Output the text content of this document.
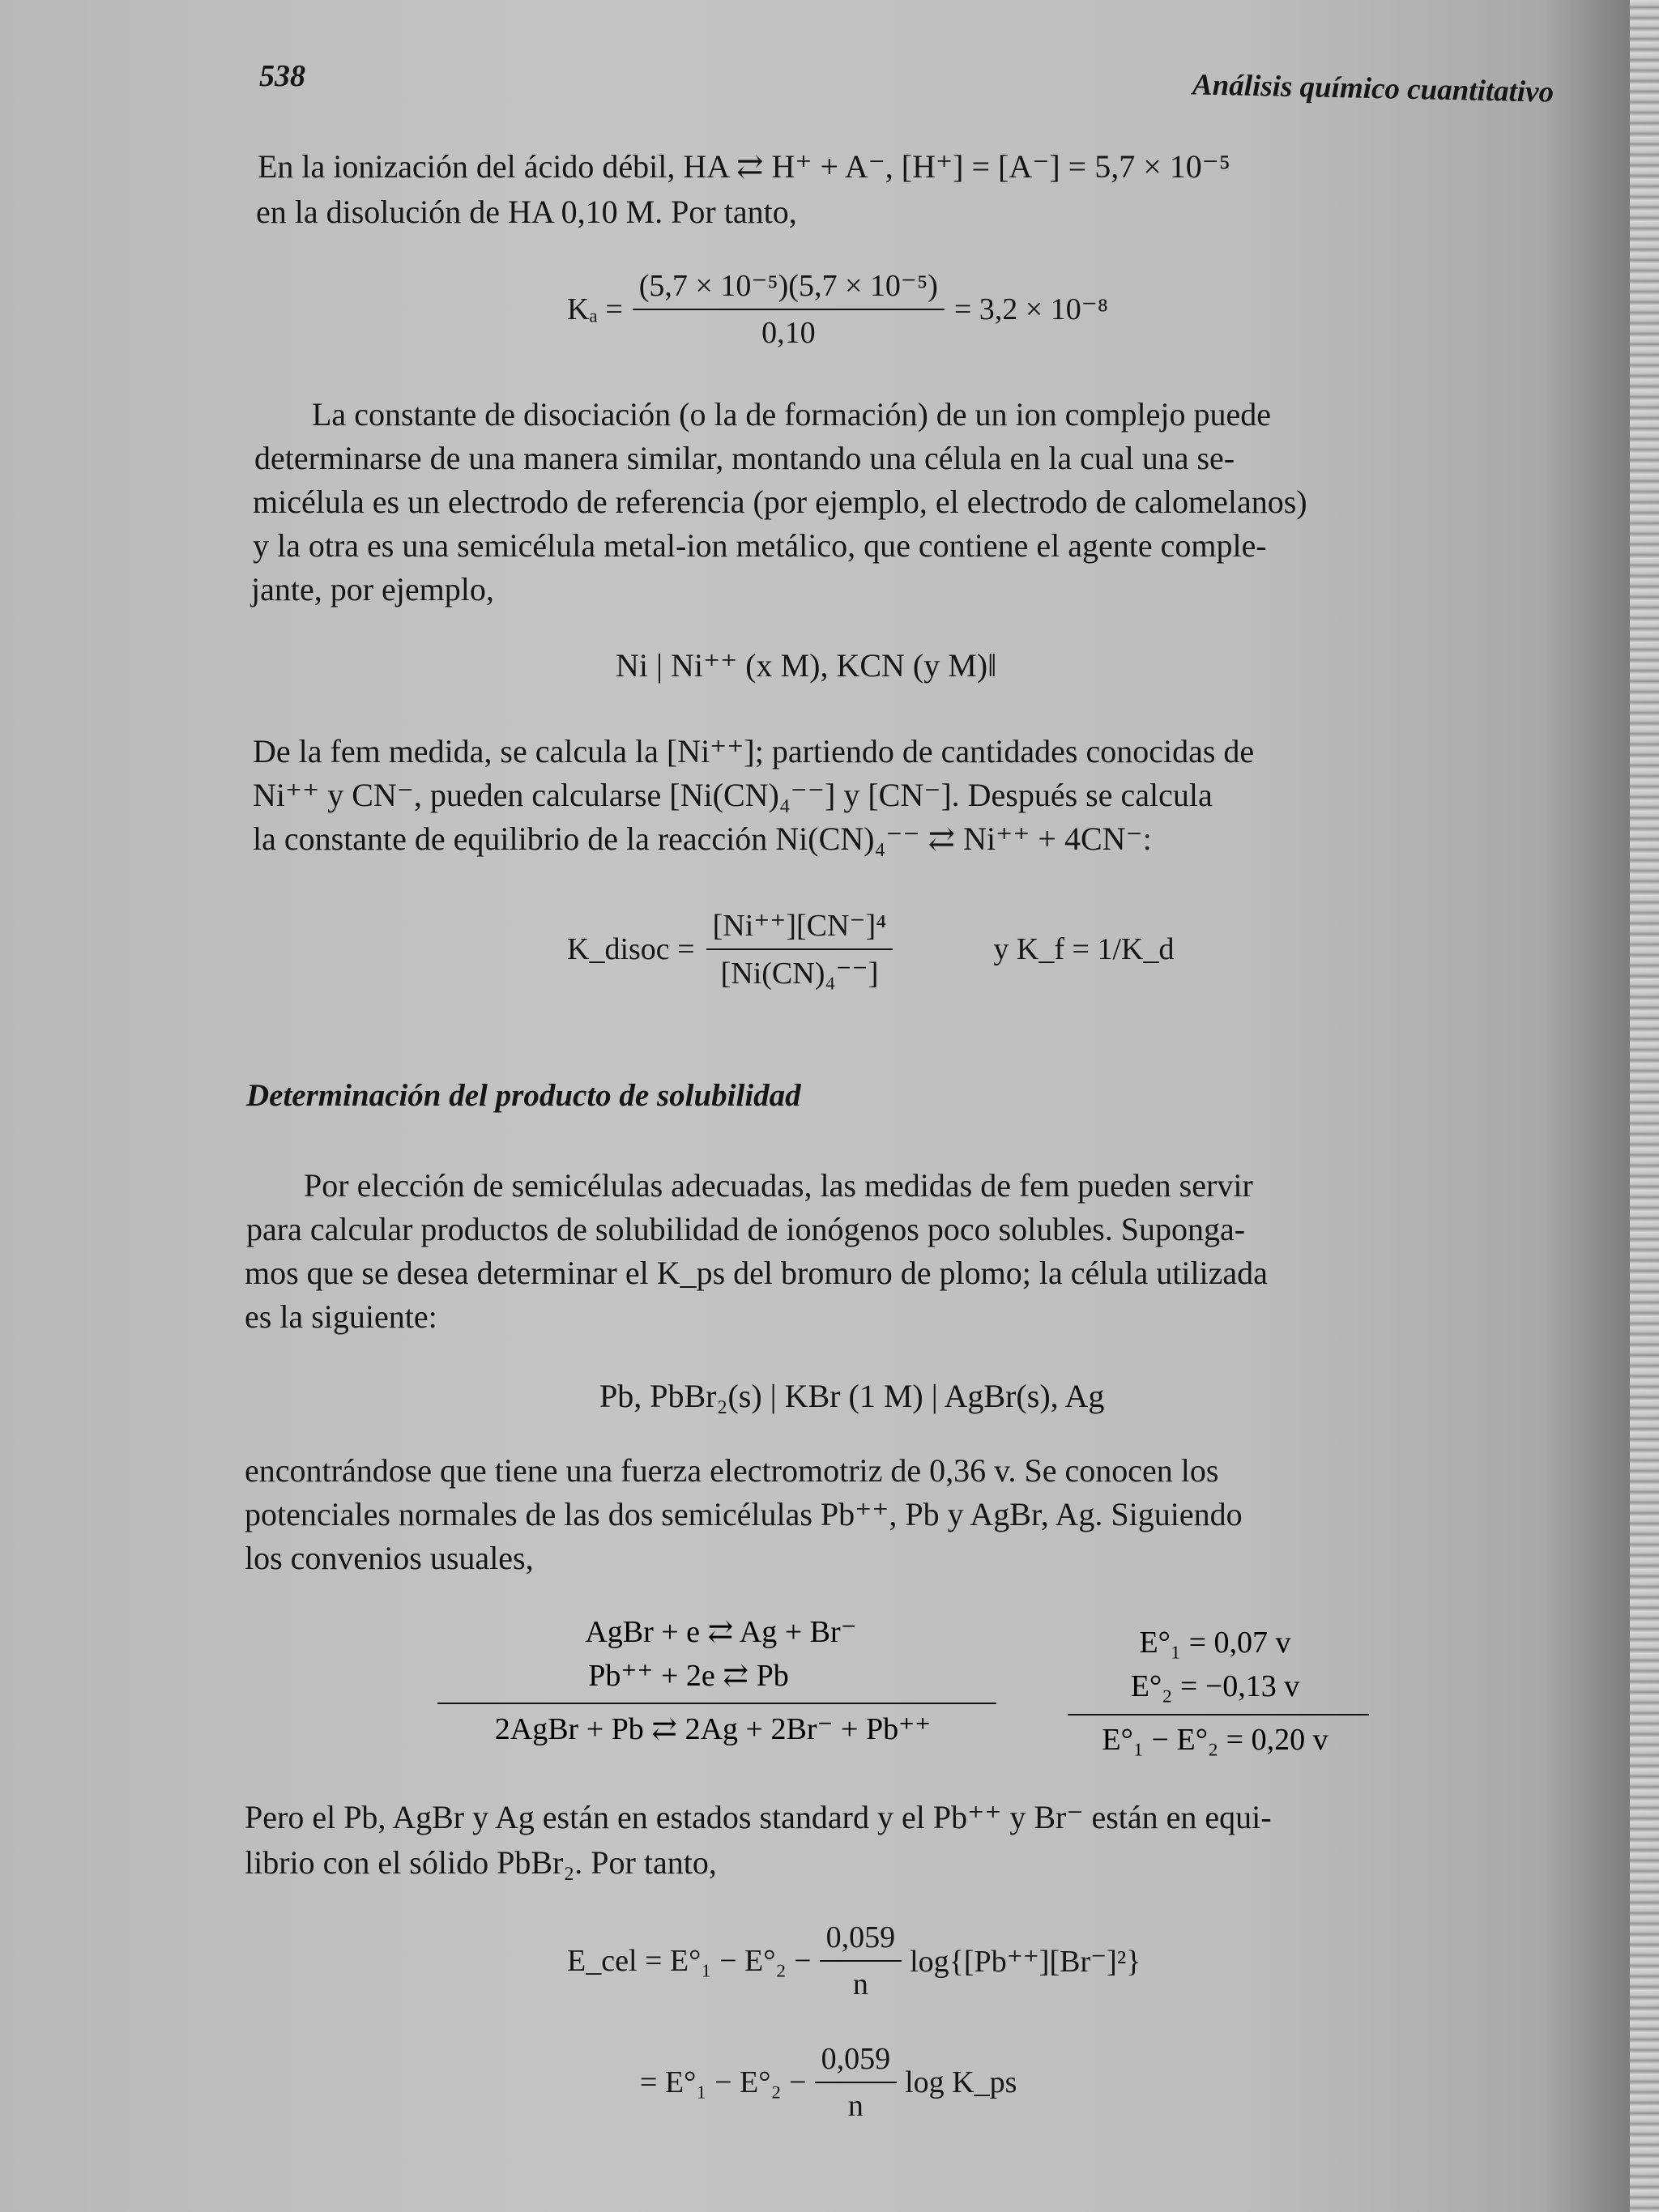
538	Análisis químico cuantitativo
En la ionización del ácido débil, HA ⇄ H⁺ + A⁻, [H⁺] = [A⁻] = 5,7 × 10⁻⁵
en la disolución de HA 0,10 M. Por tanto,
$K_a = \frac{\text{(5,7 × 10⁻⁵)(5,7 × 10⁻⁵)}}{0,10} = 3,2 \times 10^{-8}$
La constante de disociación (o la de formación) de un ion complejo puede
determinarse de una manera similar, montando una célula en la cual una se-
micélula es un electrodo de referencia (por ejemplo, el electrodo de calomelanos)
y la otra es una semicélula metal-ion metálico, que contiene el agente comple-
jante, por ejemplo,
Ni | Ni⁺⁺ (x M), KCN (y M)‖
De la fem medida, se calcula la [Ni⁺⁺]; partiendo de cantidades conocidas de
Ni⁺⁺ y CN⁻, pueden calcularse [Ni(CN)₄⁻⁻] y [CN⁻]. Después se calcula
la constante de equilibrio de la reacción Ni(CN)₄⁻⁻ ⇄ Ni⁺⁺ + 4CN⁻:
K_disoc = $\frac{\text{[Ni⁺⁺][CN⁻]⁴}}{\text{[Ni(CN)₄⁻⁻]}}$	y K_f = 1/K_d
Determinación del producto de solubilidad
Por elección de semicélulas adecuadas, las medidas de fem pueden servir
para calcular productos de solubilidad de ionógenos poco solubles. Suponga-
mos que se desea determinar el K_ps del bromuro de plomo; la célula utilizada
es la siguiente:
Pb, PbBr₂(s) | KBr (1 M) | AgBr(s), Ag
encontrándose que tiene una fuerza electromotriz de 0,36 v. Se conocen los
potenciales normales de las dos semicélulas Pb⁺⁺, Pb y AgBr, Ag. Siguiendo
los convenios usuales,
AgBr + e ⇄ Ag + Br⁻
Pb⁺⁺ + 2e ⇄ Pb
2AgBr + Pb ⇄ 2Ag + 2Br⁻ + Pb⁺⁺
E°₁ = 0,07 v
E°₂ = −0,13 v
E°₁ − E°₂ = 0,20 v
Pero el Pb, AgBr y Ag están en estados standard y el Pb⁺⁺ y Br⁻ están en equi-
librio con el sólido PbBr₂. Por tanto,
E_cel = $E^\circ_1 - E^\circ_2 - \frac{0,059}{n} \log\{[Pb^{++}][Br^-]^2\}$
= $E^\circ_1 - E^\circ_2 - \frac{0,059}{n}$ log K_ps
